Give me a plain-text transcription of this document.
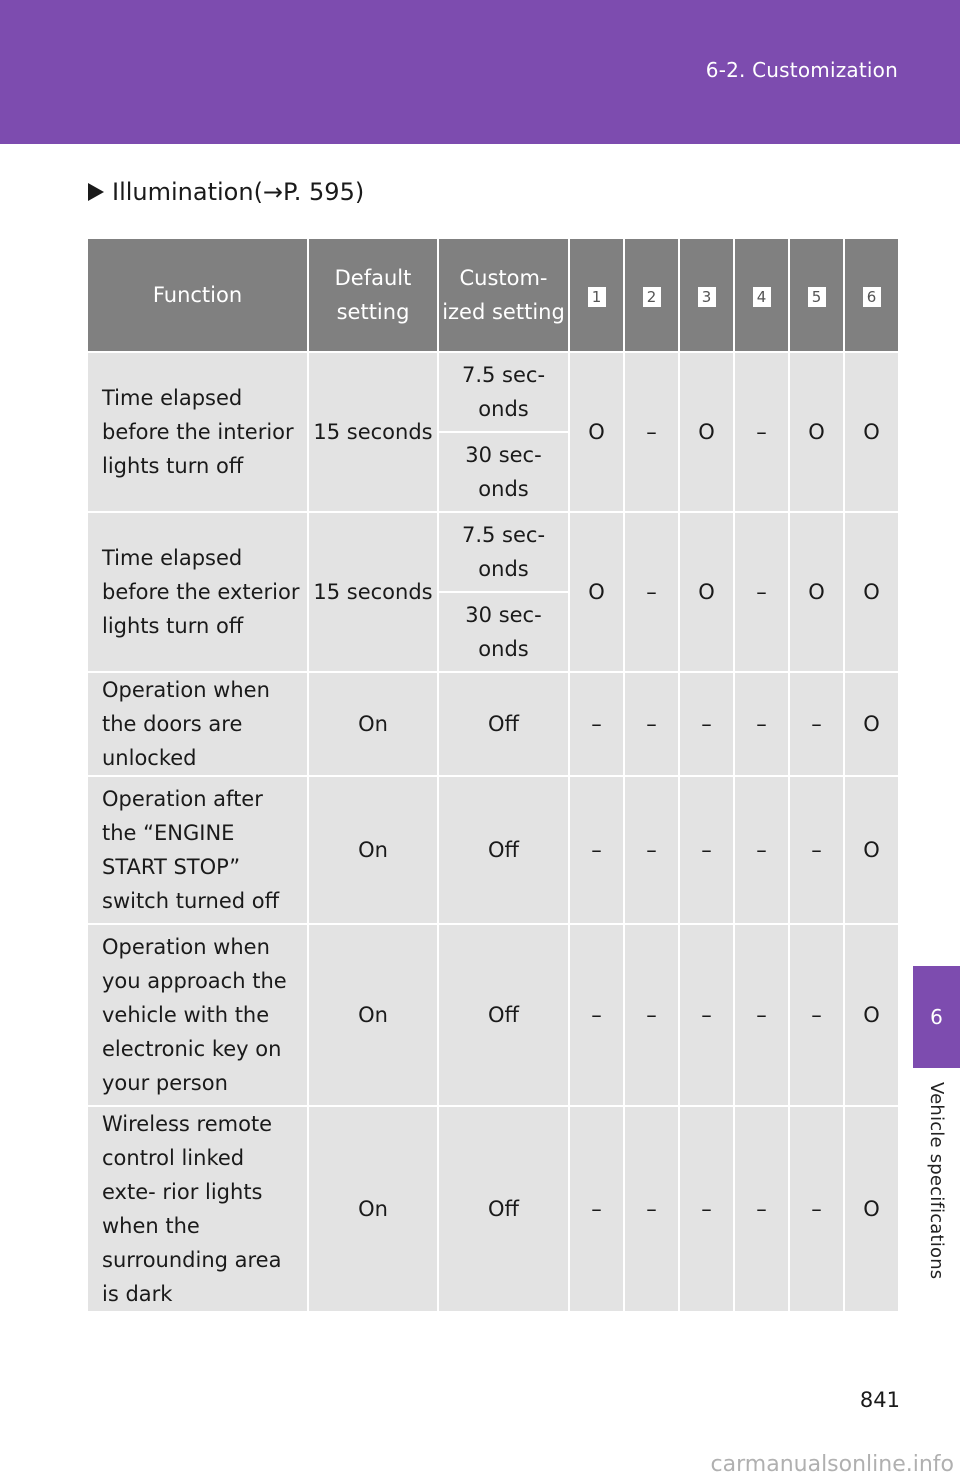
6-2. Customization
6
Vehicle specifications
Illumination(→P. 595)
Function	Default setting	Custom- ized setting	1	2	3	4	5	6
Time elapsed before the interior lights turn off	15 seconds	7.5 sec- onds	O	–	O	–	O	O
		30 sec- onds						
Time elapsed before the exterior lights turn off	15 seconds	7.5 sec- onds	O	–	O	–	O	O
		30 sec- onds						
Operation when the doors are unlocked	On	Off	–	–	–	–	–	O
Operation after the “ENGINE START STOP” switch turned off	On	Off	–	–	–	–	–	O
Operation when you approach the vehicle with the electronic key on your person	On	Off	–	–	–	–	–	O
Wireless remote control linked exte- rior lights when the surrounding area is dark	On	Off	–	–	–	–	–	O
841
carmanualsonline.info
